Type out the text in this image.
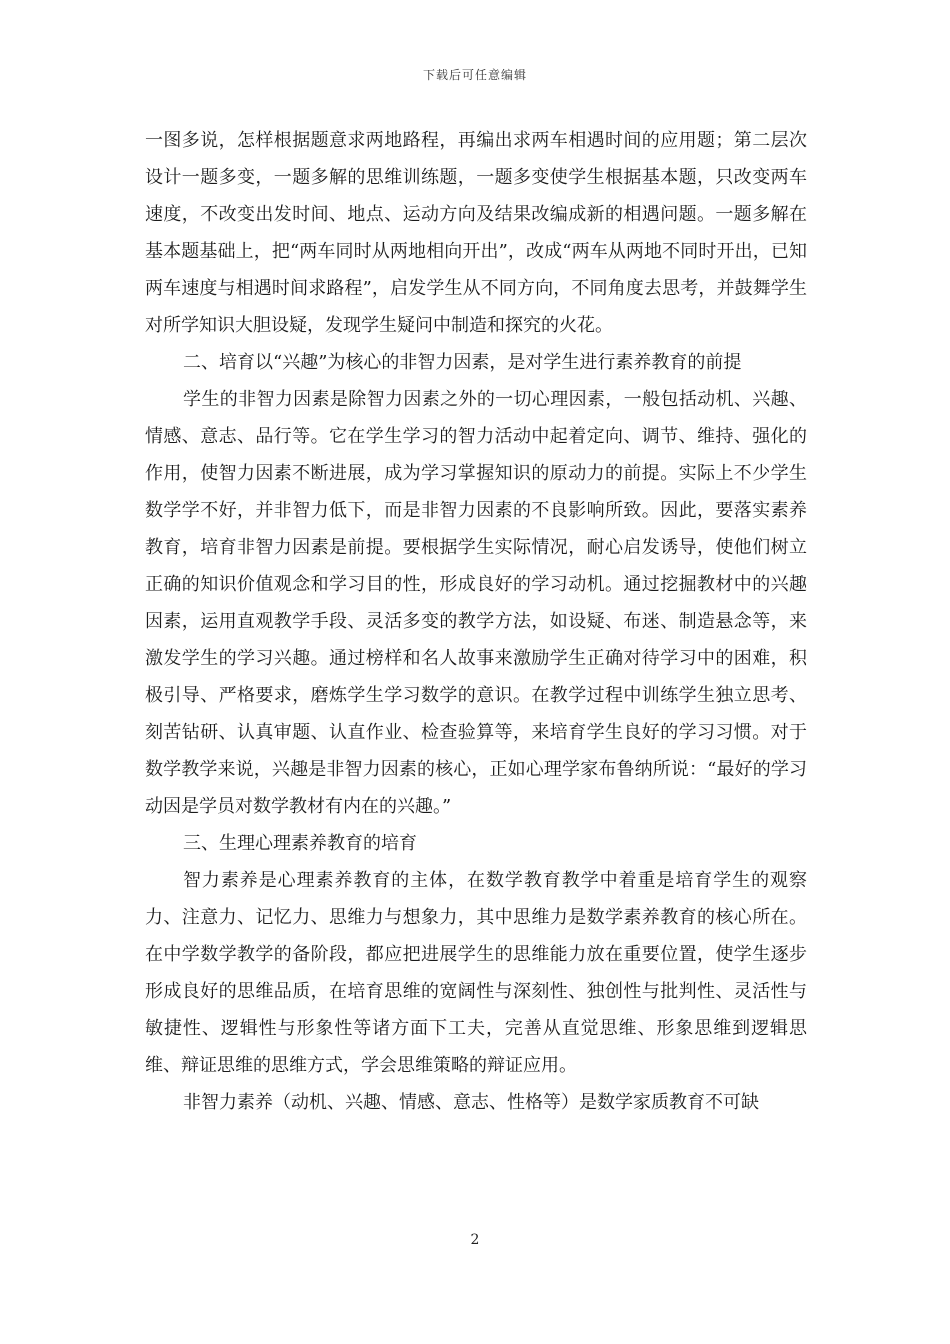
下载后可任意编辑

一图多说，怎样根据题意求两地路程，再编出求两车相遇时间的应用题；第二层次设计一题多变，一题多解的思维训练题，一题多变使学生根据基本题，只改变两车速度，不改变出发时间、地点、运动方向及结果改编成新的相遇问题。一题多解在基本题基础上，把“两车同时从两地相向开出”，改成“两车从两地不同时开出，已知两车速度与相遇时间求路程”，启发学生从不同方向，不同角度去思考，并鼓舞学生对所学知识大胆设疑，发现学生疑问中制造和探究的火花。

二、培育以“兴趣”为核心的非智力因素，是对学生进行素养教育的前提

学生的非智力因素是除智力因素之外的一切心理因素，一般包括动机、兴趣、情感、意志、品行等。它在学生学习的智力活动中起着定向、调节、维持、强化的作用，使智力因素不断进展，成为学习掌握知识的原动力的前提。实际上不少学生数学学不好，并非智力低下，而是非智力因素的不良影响所致。因此，要落实素养教育，培育非智力因素是前提。要根据学生实际情况，耐心启发诱导，使他们树立正确的知识价值观念和学习目的性，形成良好的学习动机。通过挖掘教材中的兴趣因素，运用直观教学手段、灵活多变的教学方法，如设疑、布迷、制造悬念等，来激发学生的学习兴趣。通过榜样和名人故事来激励学生正确对待学习中的困难，积极引导、严格要求，磨炼学生学习数学的意识。在教学过程中训练学生独立思考、刻苦钻研、认真审题、认直作业、检查验算等，来培育学生良好的学习习惯。对于数学教学来说，兴趣是非智力因素的核心，正如心理学家布鲁纳所说：“最好的学习动因是学员对数学教材有内在的兴趣。”

三、生理心理素养教育的培育

智力素养是心理素养教育的主体，在数学教育教学中着重是培育学生的观察力、注意力、记忆力、思维力与想象力，其中思维力是数学素养教育的核心所在。在中学数学教学的备阶段，都应把进展学生的思维能力放在重要位置，使学生逐步形成良好的思维品质，在培育思维的宽阔性与深刻性、独创性与批判性、灵活性与敏捷性、逻辑性与形象性等诸方面下工夫，完善从直觉思维、形象思维到逻辑思维、辩证思维的思维方式，学会思维策略的辩证应用。

非智力素养（动机、兴趣、情感、意志、性格等）是数学家质教育不可缺

2
